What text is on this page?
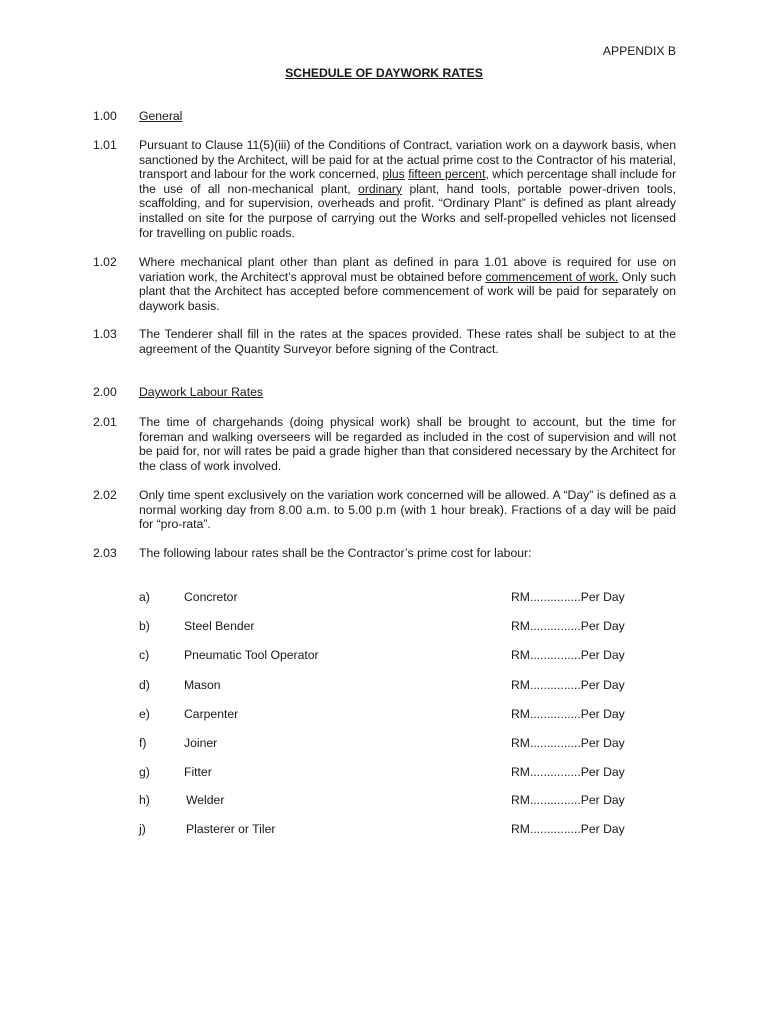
APPENDIX B
SCHEDULE OF DAYWORK RATES
1.00 General
1.01 Pursuant to Clause 11(5)(iii) of the Conditions of Contract, variation work on a daywork basis, when sanctioned by the Architect, will be paid for at the actual prime cost to the Contractor of his material, transport and labour for the work concerned, plus fifteen percent, which percentage shall include for the use of all non-mechanical plant, ordinary plant, hand tools, portable power-driven tools, scaffolding, and for supervision, overheads and profit. “Ordinary Plant” is defined as plant already installed on site for the purpose of carrying out the Works and self-propelled vehicles not licensed for travelling on public roads.
1.02 Where mechanical plant other than plant as defined in para 1.01 above is required for use on variation work, the Architect’s approval must be obtained before commencement of work. Only such plant that the Architect has accepted before commencement of work will be paid for separately on daywork basis.
1.03 The Tenderer shall fill in the rates at the spaces provided. These rates shall be subject to at the agreement of the Quantity Surveyor before signing of the Contract.
2.00 Daywork Labour Rates
2.01 The time of chargehands (doing physical work) shall be brought to account, but the time for foreman and walking overseers will be regarded as included in the cost of supervision and will not be paid for, nor will rates be paid a grade higher than that considered necessary by the Architect for the class of work involved.
2.02 Only time spent exclusively on the variation work concerned will be allowed. A “Day” is defined as a normal working day from 8.00 a.m. to 5.00 p.m (with 1 hour break). Fractions of a day will be paid for “pro-rata”.
2.03 The following labour rates shall be the Contractor’s prime cost for labour:
a)	Concretor	RM...............Per Day
b)	Steel Bender	RM...............Per Day
c)	Pneumatic Tool Operator	RM...............Per Day
d)	Mason	RM...............Per Day
e)	Carpenter	RM...............Per Day
f)	Joiner	RM...............Per Day
g)	Fitter	RM...............Per Day
h)	Welder	RM...............Per Day
j)	Plasterer or Tiler	RM...............Per Day
